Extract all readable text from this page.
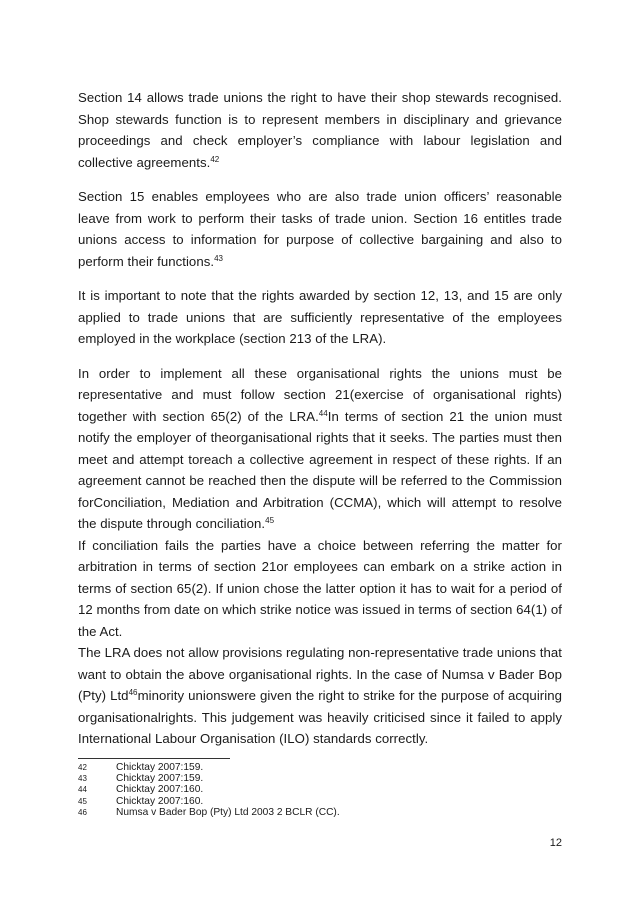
Section 14 allows trade unions the right to have their shop stewards recognised. Shop stewards function is to represent members in disciplinary and grievance proceedings and check employer’s compliance with labour legislation and collective agreements.$^{42}$

Section 15 enables employees who are also trade union officers’ reasonable leave from work to perform their tasks of trade union. Section 16 entitles trade unions access to information for purpose of collective bargaining and also to perform their functions.$^{43}$

It is important to note that the rights awarded by section 12, 13, and 15 are only applied to trade unions that are sufficiently representative of the employees employed in the workplace (section 213 of the LRA).

In order to implement all these organisational rights the unions must be representative and must follow section 21(exercise of organisational rights) together with section 65(2) of the LRA.$^{44}$In terms of section 21 the union must notify the employer of theorganisational rights that it seeks. The parties must then meet and attempt toreach a collective agreement in respect of these rights. If an agreement cannot be reached then the dispute will be referred to the Commission forConciliation, Mediation and Arbitration (CCMA), which will attempt to resolve the dispute through conciliation.$^{45}$

If conciliation fails the parties have a choice between referring the matter for arbitration in terms of section 21or employees can embark on a strike action in terms of section 65(2). If union chose the latter option it has to wait for a period of 12 months from date on which strike notice was issued in terms of section 64(1) of the Act.

The LRA does not allow provisions regulating non-representative trade unions that want to obtain the above organisational rights. In the case of Numsa v Bader Bop (Pty) Ltd$^{46}$minority unionswere given the right to strike for the purpose of acquiring organisationalrights. This judgement was heavily criticised since it failed to apply International Labour Organisation (ILO) standards correctly.

42	Chicktay 2007:159.
43	Chicktay 2007:159.
44	Chicktay 2007:160.
45	Chicktay 2007:160.
46	Numsa v Bader Bop (Pty) Ltd 2003 2 BCLR (CC).
12
